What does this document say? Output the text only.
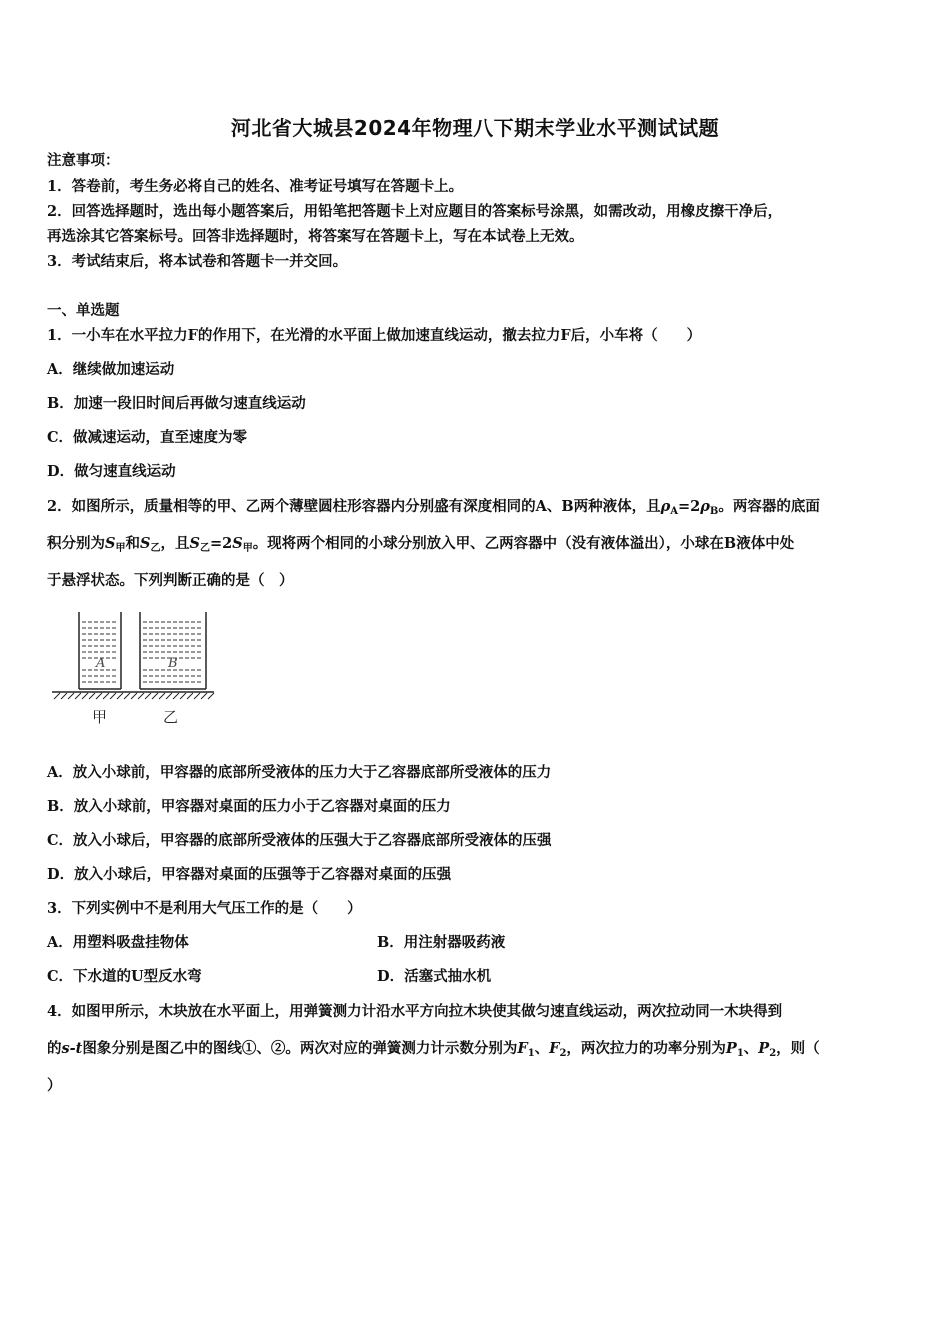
河北省大城县2024年物理八下期末学业水平测试试题
注意事项：
1．答卷前，考生务必将自己的姓名、准考证号填写在答题卡上。
2．回答选择题时，选出每小题答案后，用铅笔把答题卡上对应题目的答案标号涂黑，如需改动，用橡皮擦干净后，
再选涂其它答案标号。回答非选择题时，将答案写在答题卡上，写在本试卷上无效。
3．考试结束后，将本试卷和答题卡一并交回。
一、单选题
1．一小车在水平拉力F的作用下，在光滑的水平面上做加速直线运动，撤去拉力F后，小车将（　　）
A．继续做加速运动
B．加速一段旧时间后再做匀速直线运动
C．做减速运动，直至速度为零
D．做匀速直线运动
2．如图所示，质量相等的甲、乙两个薄壁圆柱形容器内分别盛有深度相同的A、B两种液体，且$\rho_A=2\rho_B$。两容器的底面
积分别为$S_甲$和$S_乙$，且$S_乙=2S_甲$。现将两个相同的小球分别放入甲、乙两容器中（没有液体溢出），小球在B液体中处
于悬浮状态。下列判断正确的是（　）
A	B
甲	乙
A．放入小球前，甲容器的底部所受液体的压力大于乙容器底部所受液体的压力
B．放入小球前，甲容器对桌面的压力小于乙容器对桌面的压力
C．放入小球后，甲容器的底部所受液体的压强大于乙容器底部所受液体的压强
D．放入小球后，甲容器对桌面的压强等于乙容器对桌面的压强
3．下列实例中不是利用大气压工作的是（　　）
A．用塑料吸盘挂物体	B．用注射器吸药液
C．下水道的U型反水弯	D．活塞式抽水机
4．如图甲所示，木块放在水平面上，用弹簧测力计沿水平方向拉木块使其做匀速直线运动，两次拉动同一木块得到
的s-t图象分别是图乙中的图线①、②。两次对应的弹簧测力计示数分别为$F_1$、$F_2$，两次拉力的功率分别为$P_1$、$P_2$，则（
）
